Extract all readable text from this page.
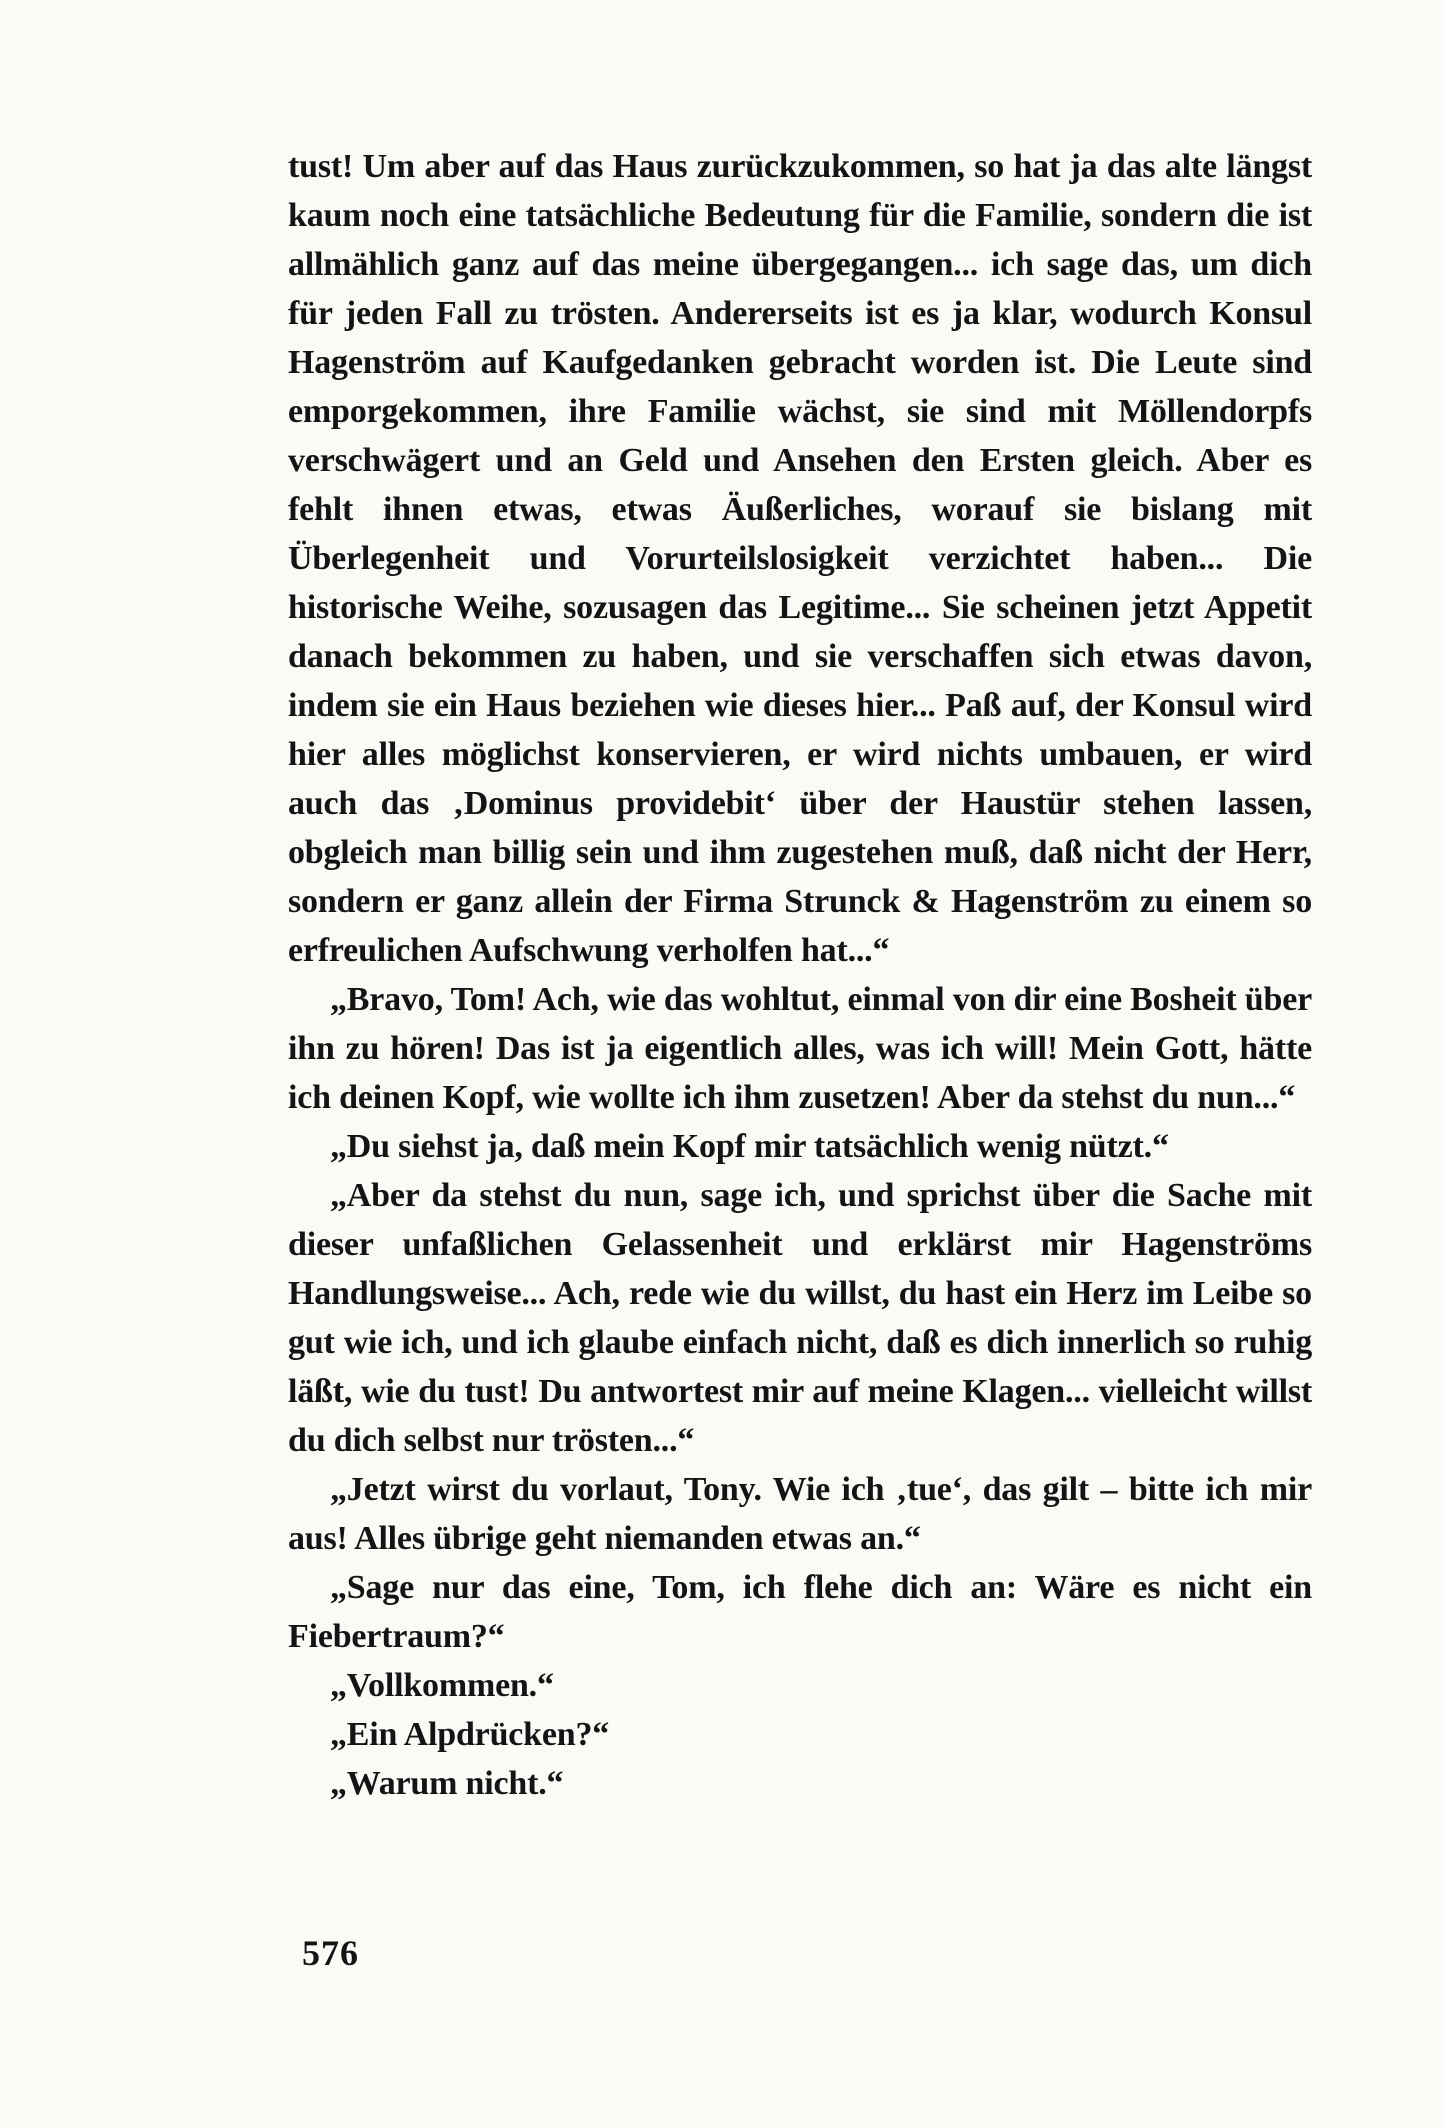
tust! Um aber auf das Haus zurückzukommen, so hat ja das alte längst kaum noch eine tatsächliche Bedeutung für die Familie, sondern die ist allmählich ganz auf das meine übergegangen... ich sage das, um dich für jeden Fall zu trösten. Andererseits ist es ja klar, wodurch Konsul Hagenström auf Kaufgedanken gebracht worden ist. Die Leute sind emporgekommen, ihre Familie wächst, sie sind mit Möllendorpfs verschwägert und an Geld und Ansehen den Ersten gleich. Aber es fehlt ihnen etwas, etwas Äußerliches, worauf sie bislang mit Überlegenheit und Vorurteilslosigkeit verzichtet haben... Die historische Weihe, sozusagen das Legitime... Sie scheinen jetzt Appetit danach bekommen zu haben, und sie verschaffen sich etwas davon, indem sie ein Haus beziehen wie dieses hier... Paß auf, der Konsul wird hier alles möglichst konservieren, er wird nichts umbauen, er wird auch das ‚Dominus providebit‘ über der Haustür stehen lassen, obgleich man billig sein und ihm zugestehen muß, daß nicht der Herr, sondern er ganz allein der Firma Strunck & Hagenström zu einem so erfreulichen Aufschwung verholfen hat...“

„Bravo, Tom! Ach, wie das wohltut, einmal von dir eine Bosheit über ihn zu hören! Das ist ja eigentlich alles, was ich will! Mein Gott, hätte ich deinen Kopf, wie wollte ich ihm zusetzen! Aber da stehst du nun...“

„Du siehst ja, daß mein Kopf mir tatsächlich wenig nützt.“

„Aber da stehst du nun, sage ich, und sprichst über die Sache mit dieser unfaßlichen Gelassenheit und erklärst mir Hagenströms Handlungsweise... Ach, rede wie du willst, du hast ein Herz im Leibe so gut wie ich, und ich glaube einfach nicht, daß es dich innerlich so ruhig läßt, wie du tust! Du antwortest mir auf meine Klagen... vielleicht willst du dich selbst nur trösten...“

„Jetzt wirst du vorlaut, Tony. Wie ich ‚tue‘, das gilt – bitte ich mir aus! Alles übrige geht niemanden etwas an.“

„Sage nur das eine, Tom, ich flehe dich an: Wäre es nicht ein Fiebertraum?“

„Vollkommen.“

„Ein Alpdrücken?“

„Warum nicht.“

576
